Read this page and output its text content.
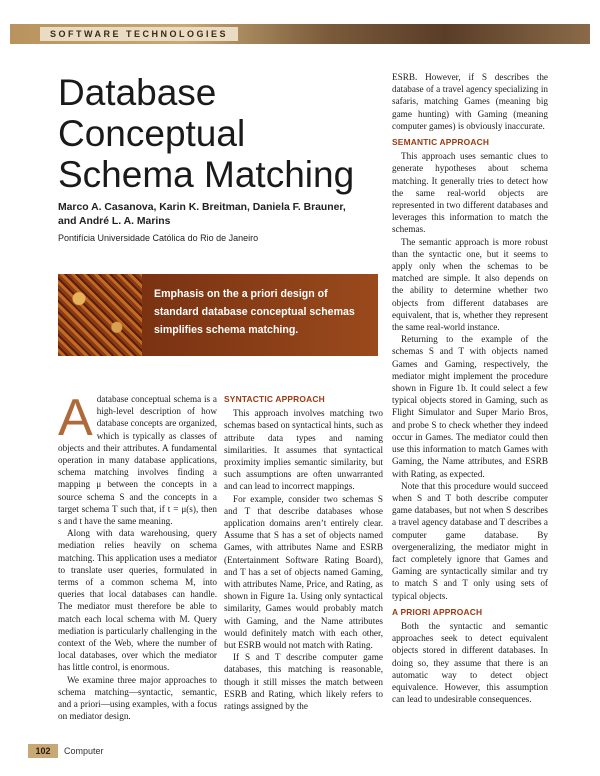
SOFTWARE TECHNOLOGIES
Database
Conceptual
Schema Matching

Marco A. Casanova, Karin K. Breitman, Daniela F. Brauner, and André L. A. Marins

Pontifícia Universidade Católica do Rio de Janeiro

Emphasis on the a priori design of standard database conceptual schemas simplifies schema matching.

A database conceptual schema is a high-level description of how database concepts are organized, which is typically as classes of objects and their attributes. A fundamental operation in many database applications, schema matching involves finding a mapping μ between the concepts in a source schema S and the concepts in a target schema T such that, if t = μ(s), then s and t have the same meaning.

Along with data warehousing, query mediation relies heavily on schema matching. This application uses a mediator to translate user queries, formulated in terms of a common schema M, into queries that local databases can handle. The mediator must therefore be able to match each local schema with M. Query mediation is particularly challenging in the context of the Web, where the number of local databases, over which the mediator has little control, is enormous.

We examine three major approaches to schema matching—syntactic, semantic, and a priori—using examples, with a focus on mediator design.

SYNTACTIC APPROACH

This approach involves matching two schemas based on syntactical hints, such as attribute data types and naming similarities. It assumes that syntactical proximity implies semantic similarity, but such assumptions are often unwarranted and can lead to incorrect mappings.

For example, consider two schemas S and T that describe databases whose application domains aren’t entirely clear. Assume that S has a set of objects named Games, with attributes Name and ESRB (Entertainment Software Rating Board), and T has a set of objects named Gaming, with attributes Name, Price, and Rating, as shown in Figure 1a. Using only syntactical similarity, Games would probably match with Gaming, and the Name attributes would definitely match with each other, but ESRB would not match with Rating.

If S and T describe computer game databases, this matching is reasonable, though it still misses the match between ESRB and Rating, which likely refers to ratings assigned by the

ESRB. However, if S describes the database of a travel agency specializing in safaris, matching Games (meaning big game hunting) with Gaming (meaning computer games) is obviously inaccurate.

SEMANTIC APPROACH

This approach uses semantic clues to generate hypotheses about schema matching. It generally tries to detect how the same real-world objects are represented in two different databases and leverages this information to match the schemas.

The semantic approach is more robust than the syntactic one, but it seems to apply only when the schemas to be matched are simple. It also depends on the ability to determine whether two objects from different databases are equivalent, that is, whether they represent the same real-world instance.

Returning to the example of the schemas S and T with objects named Games and Gaming, respectively, the mediator might implement the procedure shown in Figure 1b. It could select a few typical objects stored in Gaming, such as Flight Simulator and Super Mario Bros, and probe S to check whether they indeed occur in Games. The mediator could then use this information to match Games with Gaming, the Name attributes, and ESRB with Rating, as expected.

Note that this procedure would succeed when S and T both describe computer game databases, but not when S describes a travel agency database and T describes a computer game database. By overgeneralizing, the mediator might in fact completely ignore that Games and Gaming are syntactically similar and try to match S and T only using sets of typical objects.

A PRIORI APPROACH

Both the syntactic and semantic approaches seek to detect equivalent objects stored in different databases. In doing so, they assume that there is an automatic way to detect object equivalence. However, this assumption can lead to undesirable consequences.

102	Computer
